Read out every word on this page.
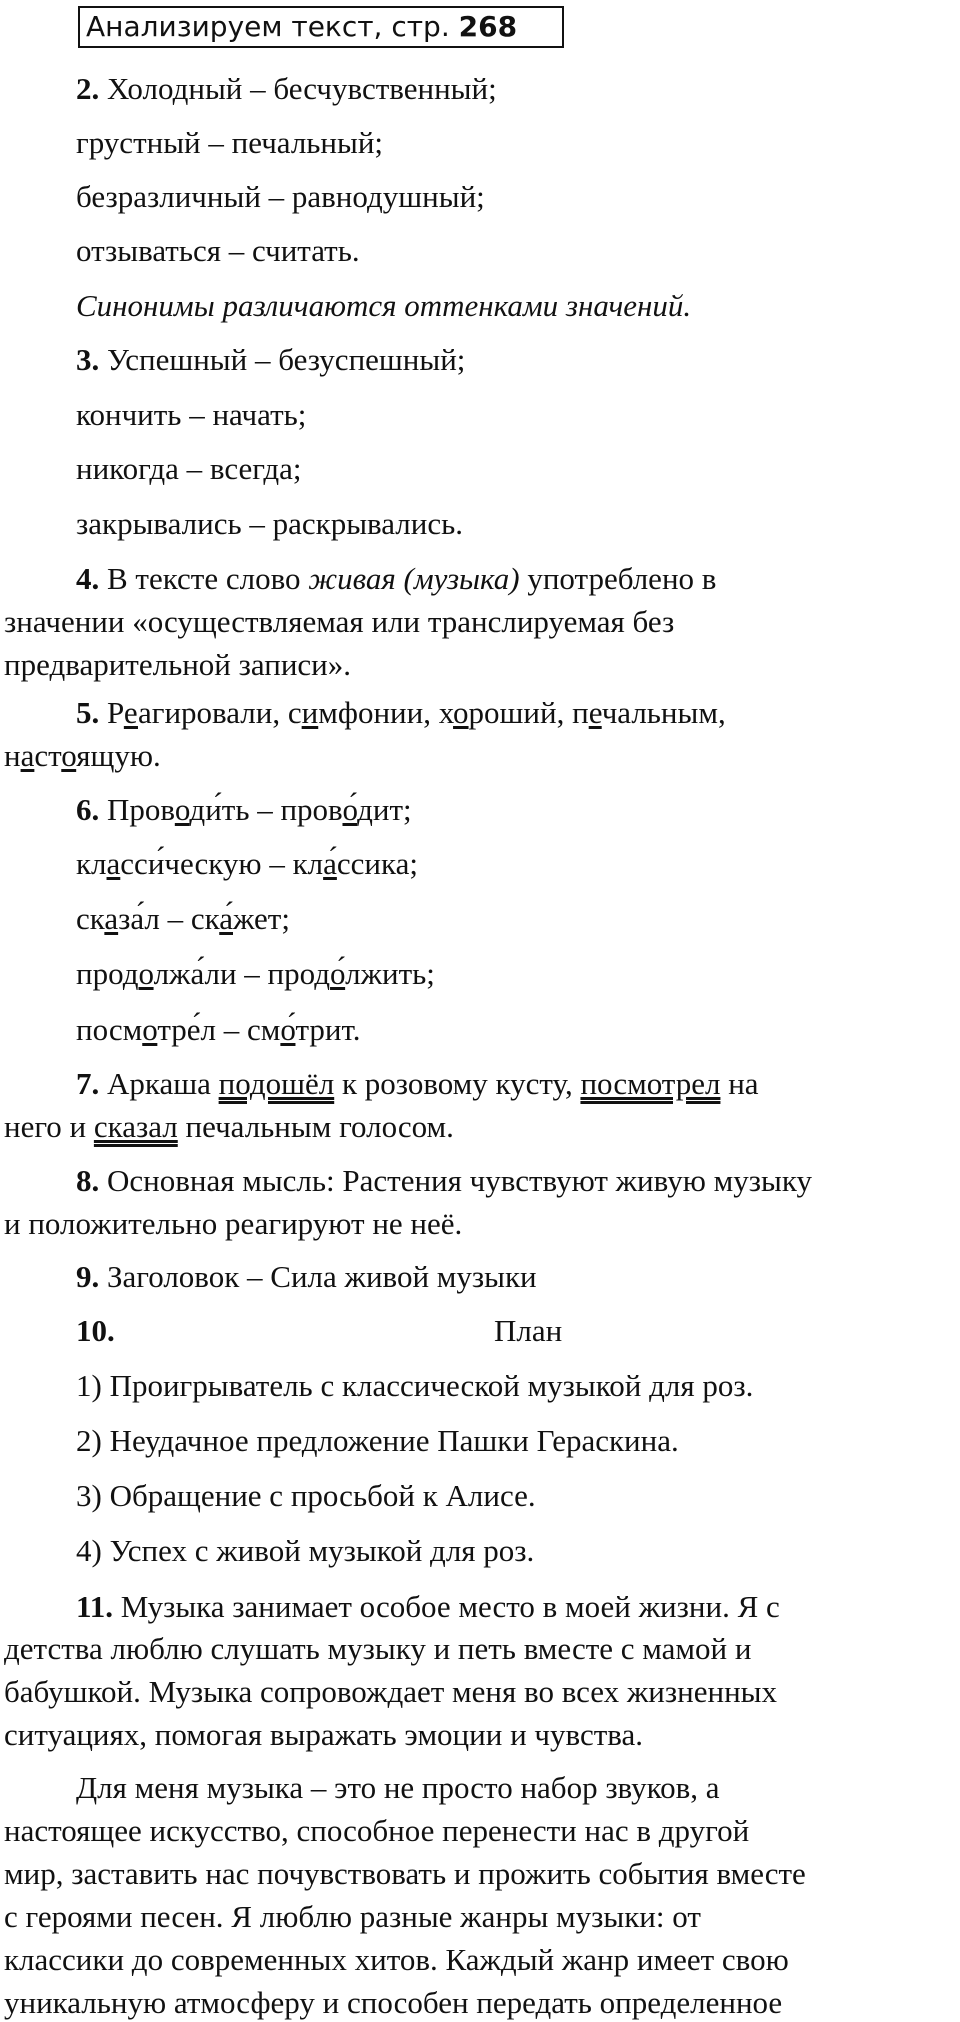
Анализируем текст, стр. 268
2. Холодный – бесчувственный;
грустный – печальный;
безразличный – равнодушный;
отзываться – считать.
Синонимы различаются оттенками значений.
3. Успешный – безуспешный;
кончить – начать;
никогда – всегда;
закрывались – раскрывались.
4. В тексте слово живая (музыка) употреблено в
значении «осуществляемая или транслируемая без
предварительной записи».
5. Реагировали, симфонии, хороший, печальным,
настоящую.
6. Проводи́ть – прово́дит;
класси́ческую – кла́ссика;
сказа́л – ска́жет;
продолжа́ли – продо́лжить;
посмотре́л – смо́трит.
7. Аркаша подошёл к розовому кусту, посмотрел на
него и сказал печальным голосом.
8. Основная мысль: Растения чувствуют живую музыку
и положительно реагируют не неё.
9. Заголовок – Сила живой музыки
10.	План
1) Проигрыватель с классической музыкой для роз.
2) Неудачное предложение Пашки Гераскина.
3) Обращение с просьбой к Алисе.
4) Успех с живой музыкой для роз.
11. Музыка занимает особое место в моей жизни. Я с
детства люблю слушать музыку и петь вместе с мамой и
бабушкой. Музыка сопровождает меня во всех жизненных
ситуациях, помогая выражать эмоции и чувства.
Для меня музыка – это не просто набор звуков, а
настоящее искусство, способное перенести нас в другой
мир, заставить нас почувствовать и прожить события вместе
с героями песен. Я люблю разные жанры музыки: от
классики до современных хитов. Каждый жанр имеет свою
уникальную атмосферу и способен передать определенное
